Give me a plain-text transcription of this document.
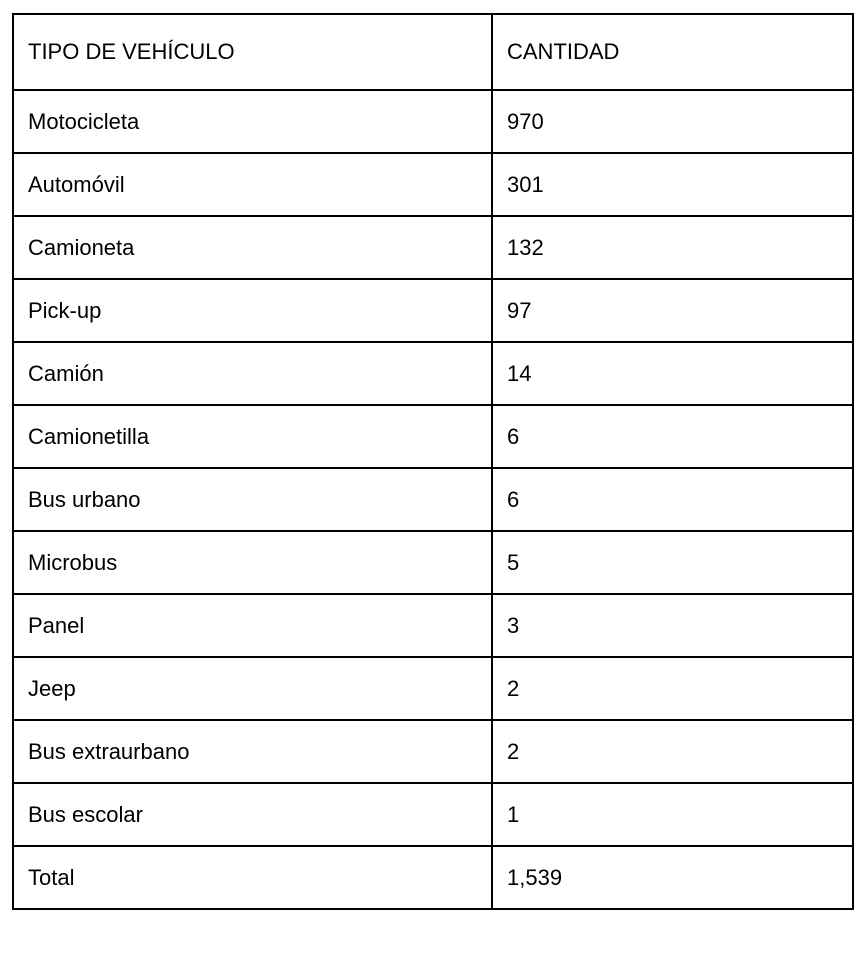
TIPO DE VEHÍCULO	CANTIDAD
Motocicleta	970
Automóvil	301
Camioneta	132
Pick-up	97
Camión	14
Camionetilla	6
Bus urbano	6
Microbus	5
Panel	3
Jeep	2
Bus extraurbano	2
Bus escolar	1
Total	1,539
